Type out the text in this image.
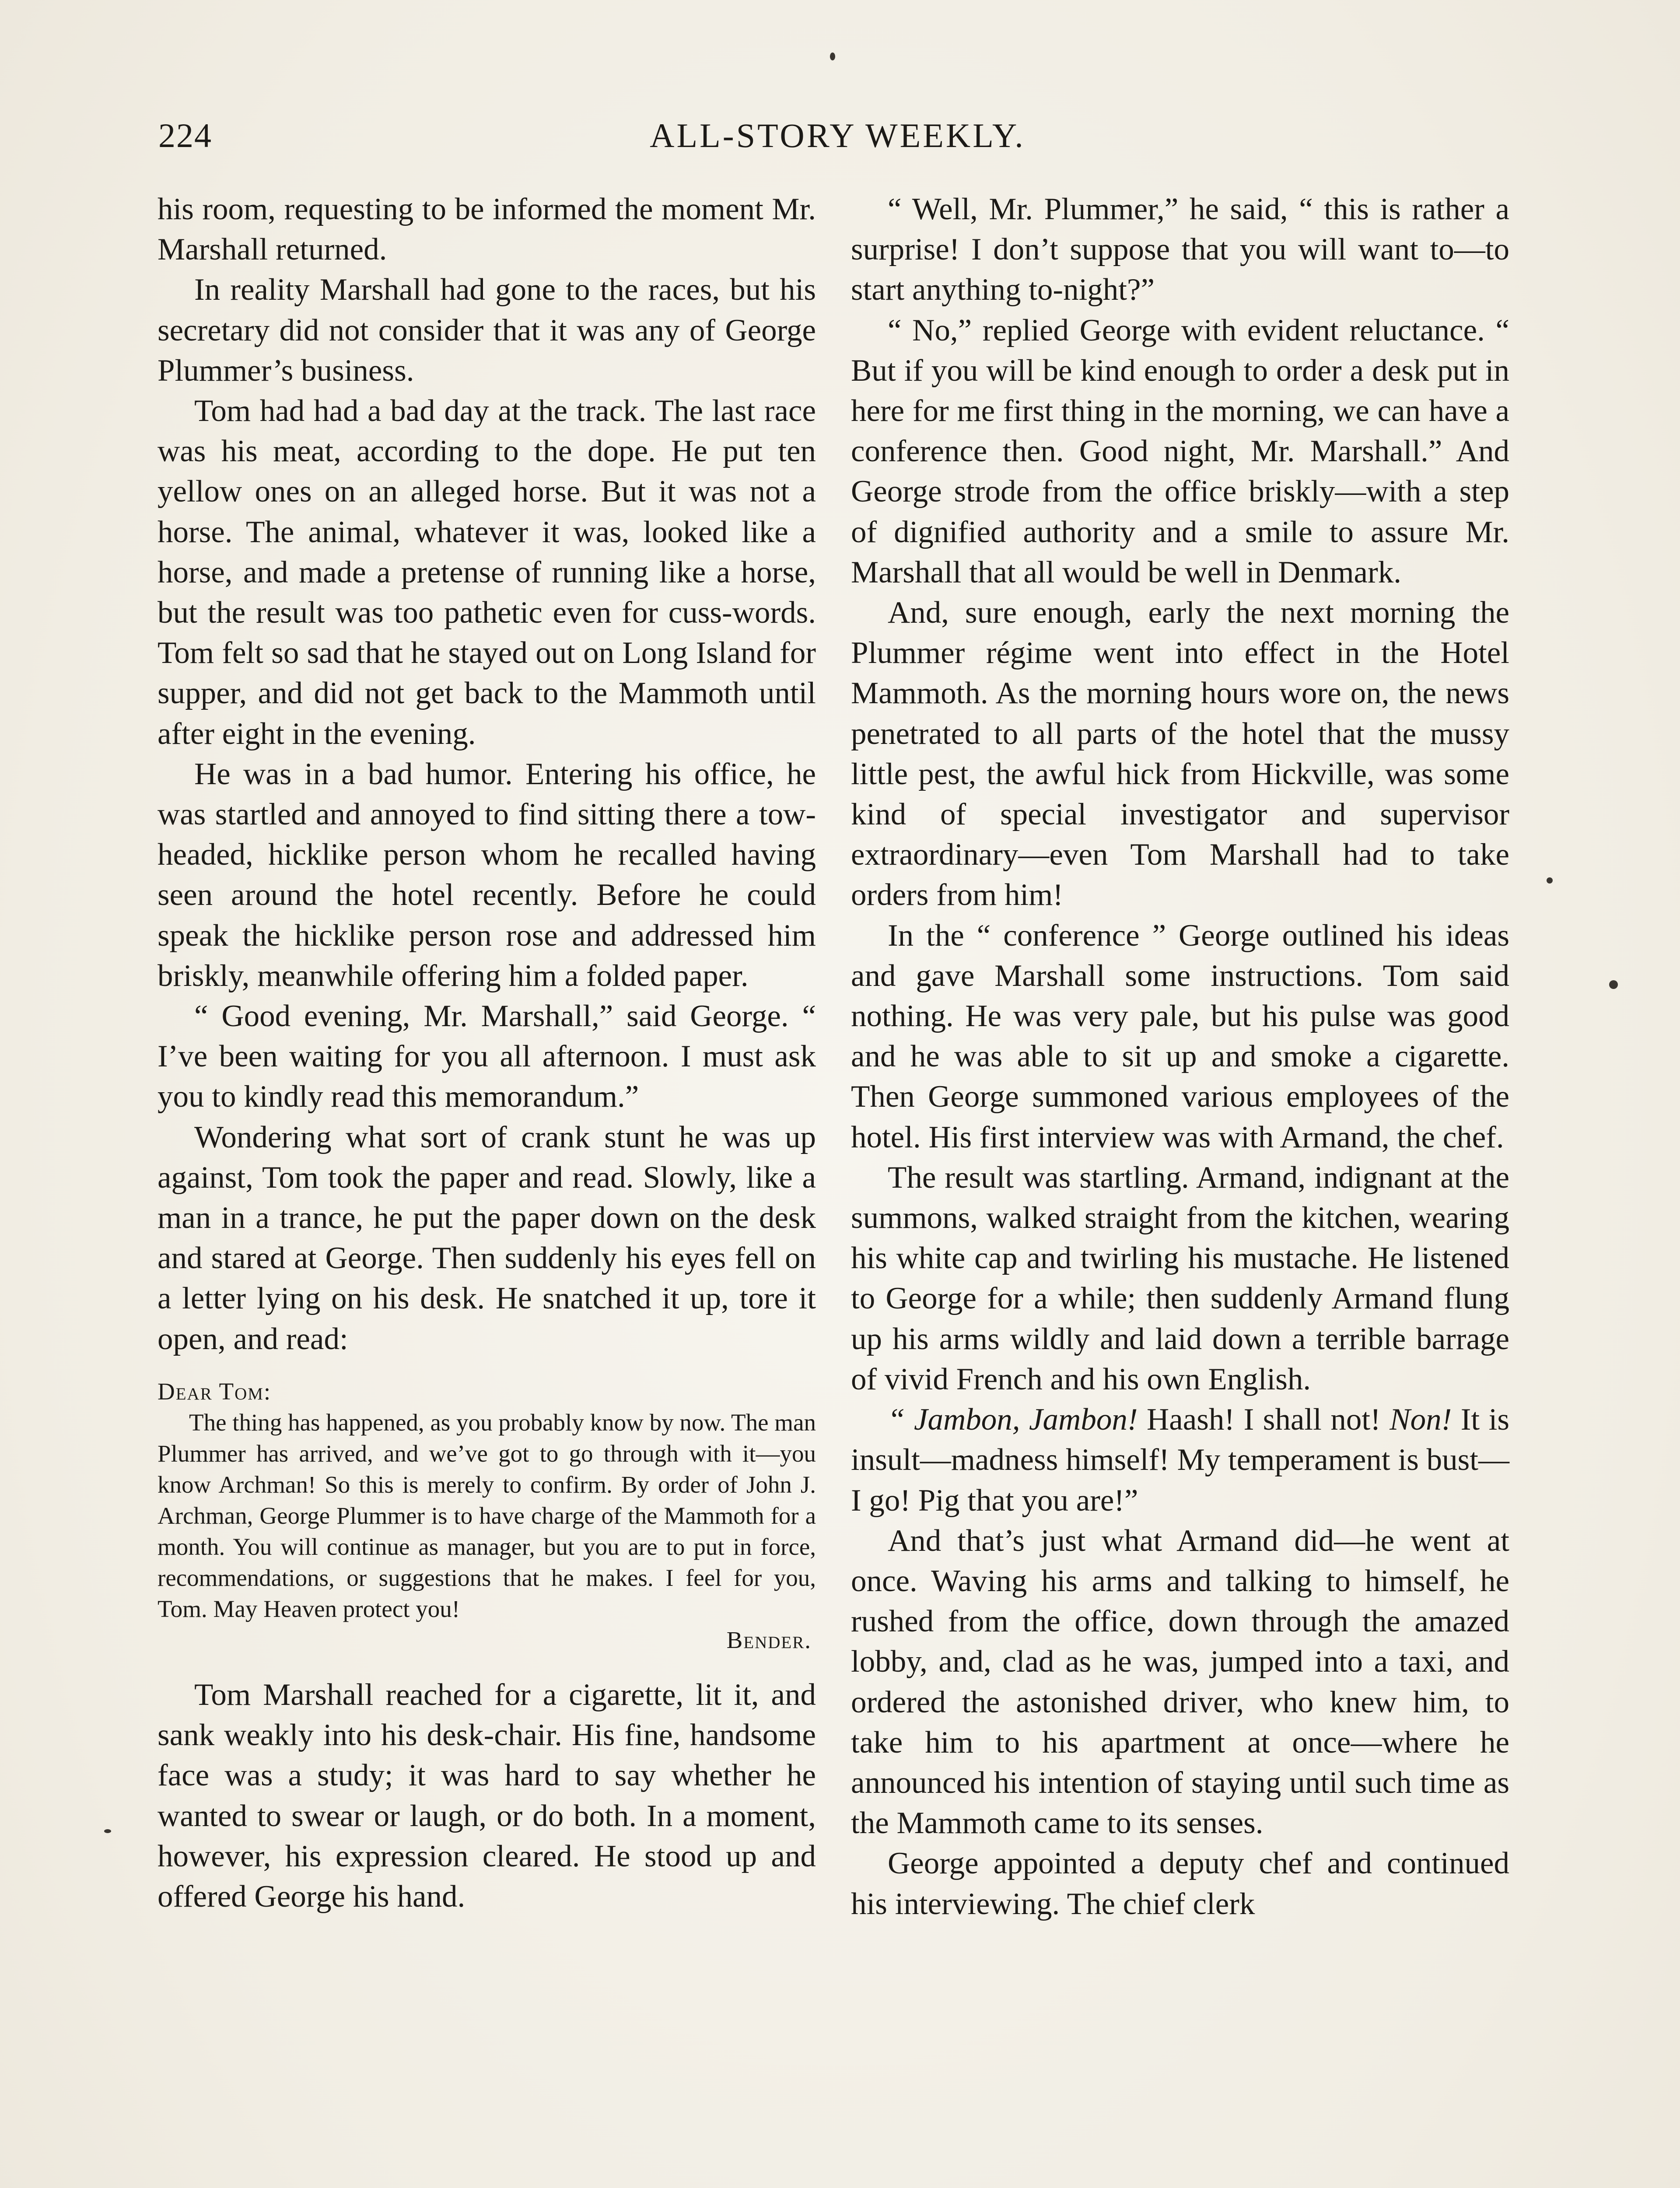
224	ALL-STORY WEEKLY.

his room, requesting to be informed the moment Mr. Marshall returned.

In reality Marshall had gone to the races, but his secretary did not consider that it was any of George Plummer’s business.

Tom had had a bad day at the track. The last race was his meat, according to the dope. He put ten yellow ones on an alleged horse. But it was not a horse. The animal, whatever it was, looked like a horse, and made a pretense of running like a horse, but the result was too pathetic even for cuss-words. Tom felt so sad that he stayed out on Long Island for supper, and did not get back to the Mammoth until after eight in the evening.

He was in a bad humor. Entering his office, he was startled and annoyed to find sitting there a tow-headed, hicklike person whom he recalled having seen around the hotel recently. Before he could speak the hicklike person rose and addressed him briskly, meanwhile offering him a folded paper.

“ Good evening, Mr. Marshall,” said George. “ I’ve been waiting for you all afternoon. I must ask you to kindly read this memorandum.”

Wondering what sort of crank stunt he was up against, Tom took the paper and read. Slowly, like a man in a trance, he put the paper down on the desk and stared at George. Then suddenly his eyes fell on a letter lying on his desk. He snatched it up, tore it open, and read:

Dear Tom:

The thing has happened, as you probably know by now. The man Plummer has arrived, and we’ve got to go through with it—you know Archman! So this is merely to confirm. By order of John J. Archman, George Plummer is to have charge of the Mammoth for a month. You will continue as manager, but you are to put in force, recommendations, or suggestions that he makes. I feel for you, Tom. May Heaven protect you!

Bender.

Tom Marshall reached for a cigarette, lit it, and sank weakly into his desk-chair. His fine, handsome face was a study; it was hard to say whether he wanted to swear or laugh, or do both. In a moment, however, his expression cleared. He stood up and offered George his hand.

“ Well, Mr. Plummer,” he said, “ this is rather a surprise! I don’t suppose that you will want to—to start anything to-night?”

“ No,” replied George with evident reluctance. “ But if you will be kind enough to order a desk put in here for me first thing in the morning, we can have a conference then. Good night, Mr. Marshall.” And George strode from the office briskly—with a step of dignified authority and a smile to assure Mr. Marshall that all would be well in Denmark.

And, sure enough, early the next morning the Plummer régime went into effect in the Hotel Mammoth. As the morning hours wore on, the news penetrated to all parts of the hotel that the mussy little pest, the awful hick from Hickville, was some kind of special investigator and supervisor extraordinary—even Tom Marshall had to take orders from him!

In the “ conference ” George outlined his ideas and gave Marshall some instructions. Tom said nothing. He was very pale, but his pulse was good and he was able to sit up and smoke a cigarette. Then George summoned various employees of the hotel. His first interview was with Armand, the chef.

The result was startling. Armand, indignant at the summons, walked straight from the kitchen, wearing his white cap and twirling his mustache. He listened to George for a while; then suddenly Armand flung up his arms wildly and laid down a terrible barrage of vivid French and his own English.

“ Jambon, Jambon! Haash! I shall not! Non! It is insult—madness himself! My temperament is bust—I go! Pig that you are!”

And that’s just what Armand did—he went at once. Waving his arms and talking to himself, he rushed from the office, down through the amazed lobby, and, clad as he was, jumped into a taxi, and ordered the astonished driver, who knew him, to take him to his apartment at once—where he announced his intention of staying until such time as the Mammoth came to its senses.

George appointed a deputy chef and continued his interviewing. The chief clerk
